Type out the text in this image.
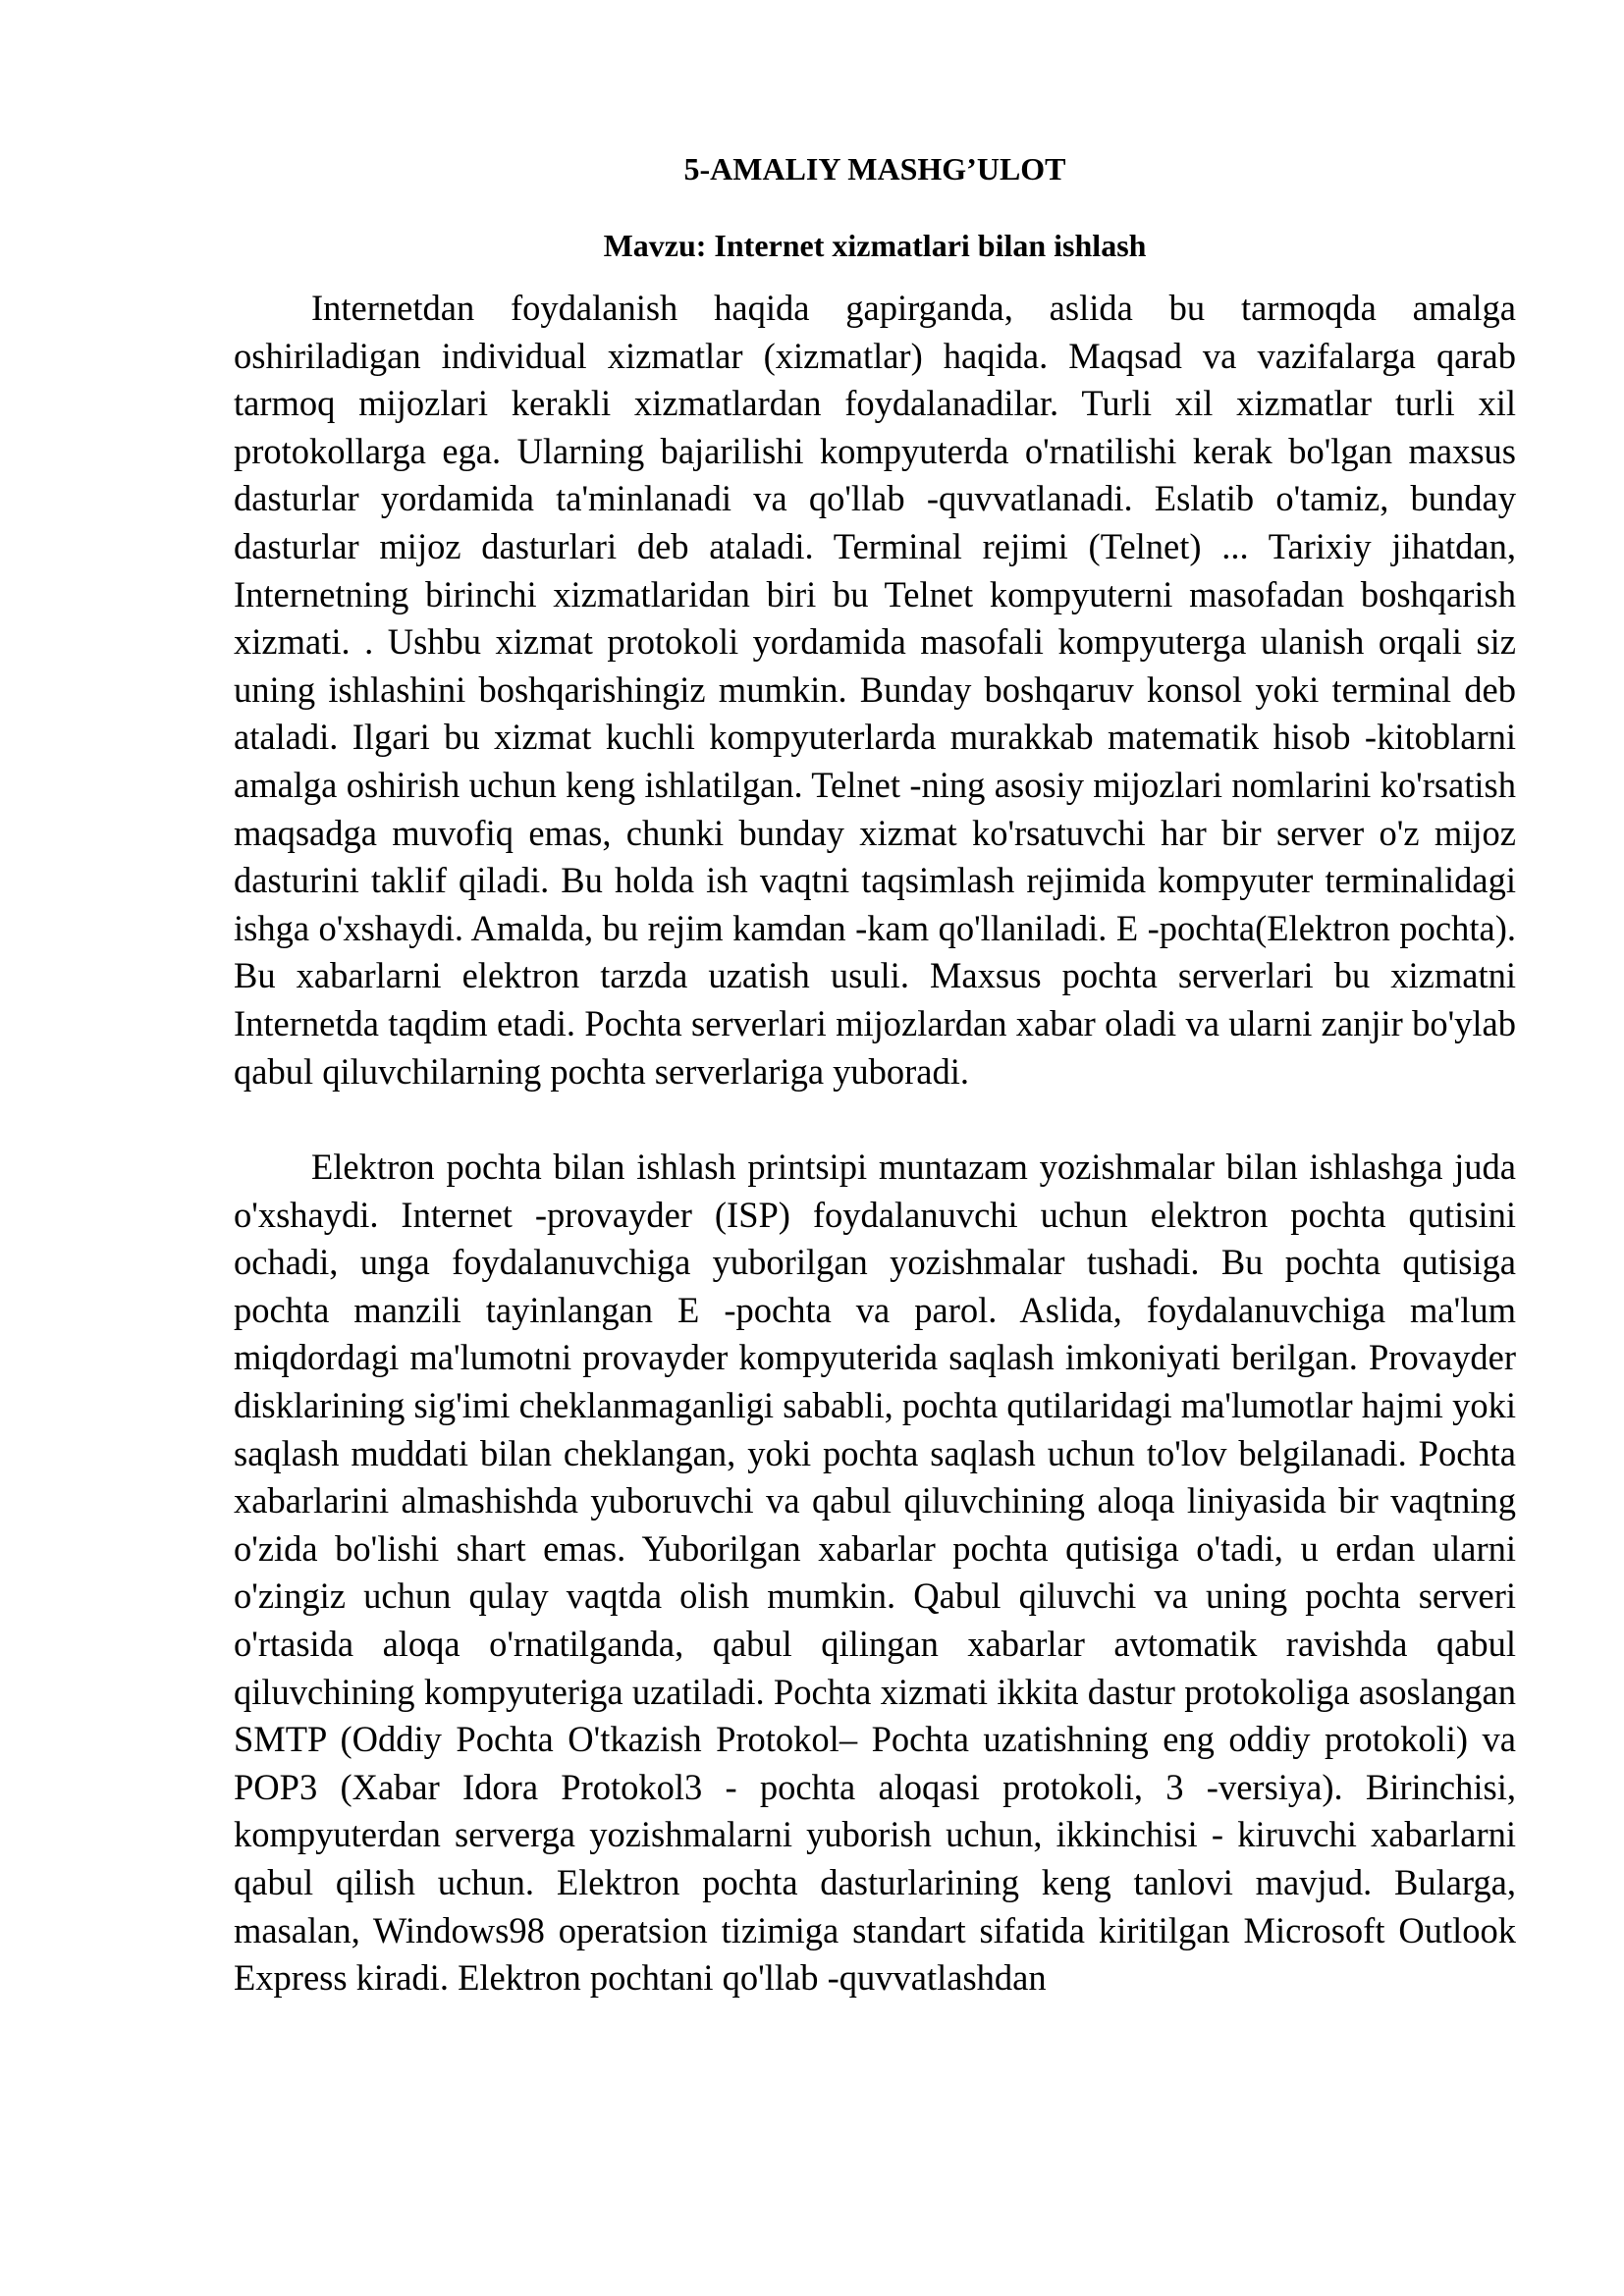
5-AMALIY MASHG’ULOT
Mavzu: Internet xizmatlari bilan ishlash

Internetdan foydalanish haqida gapirganda, aslida bu tarmoqda amalga oshiriladigan individual xizmatlar (xizmatlar) haqida. Maqsad va vazifalarga qarab tarmoq mijozlari kerakli xizmatlardan foydalanadilar. Turli xil xizmatlar turli xil protokollarga ega. Ularning bajarilishi kompyuterda o'rnatilishi kerak bo'lgan maxsus dasturlar yordamida ta'minlanadi va qo'llab -quvvatlanadi. Eslatib o'tamiz, bunday dasturlar mijoz dasturlari deb ataladi. Terminal rejimi (Telnet) ... Tarixiy jihatdan, Internetning birinchi xizmatlaridan biri bu Telnet kompyuterni masofadan boshqarish xizmati. . Ushbu xizmat protokoli yordamida masofali kompyuterga ulanish orqali siz uning ishlashini boshqarishingiz mumkin. Bunday boshqaruv konsol yoki terminal deb ataladi. Ilgari bu xizmat kuchli kompyuterlarda murakkab matematik hisob -kitoblarni amalga oshirish uchun keng ishlatilgan. Telnet -ning asosiy mijozlari nomlarini ko'rsatish maqsadga muvofiq emas, chunki bunday xizmat ko'rsatuvchi har bir server o'z mijoz dasturini taklif qiladi. Bu holda ish vaqtni taqsimlash rejimida kompyuter terminalidagi ishga o'xshaydi. Amalda, bu rejim kamdan -kam qo'llaniladi. E -pochta(Elektron pochta). Bu xabarlarni elektron tarzda uzatish usuli. Maxsus pochta serverlari bu xizmatni Internetda taqdim etadi. Pochta serverlari mijozlardan xabar oladi va ularni zanjir bo'ylab qabul qiluvchilarning pochta serverlariga yuboradi.

Elektron pochta bilan ishlash printsipi muntazam yozishmalar bilan ishlashga juda o'xshaydi. Internet -provayder (ISP) foydalanuvchi uchun elektron pochta qutisini ochadi, unga foydalanuvchiga yuborilgan yozishmalar tushadi. Bu pochta qutisiga pochta manzili tayinlangan E -pochta va parol. Aslida, foydalanuvchiga ma'lum miqdordagi ma'lumotni provayder kompyuterida saqlash imkoniyati berilgan. Provayder disklarining sig'imi cheklanmaganligi sababli, pochta qutilaridagi ma'lumotlar hajmi yoki saqlash muddati bilan cheklangan, yoki pochta saqlash uchun to'lov belgilanadi. Pochta xabarlarini almashishda yuboruvchi va qabul qiluvchining aloqa liniyasida bir vaqtning o'zida bo'lishi shart emas. Yuborilgan xabarlar pochta qutisiga o'tadi, u erdan ularni o'zingiz uchun qulay vaqtda olish mumkin. Qabul qiluvchi va uning pochta serveri o'rtasida aloqa o'rnatilganda, qabul qilingan xabarlar avtomatik ravishda qabul qiluvchining kompyuteriga uzatiladi. Pochta xizmati ikkita dastur protokoliga asoslangan SMTP (Oddiy Pochta O'tkazish Protokol– Pochta uzatishning eng oddiy protokoli) va POP3 (Xabar Idora Protokol3 - pochta aloqasi protokoli, 3 -versiya). Birinchisi, kompyuterdan serverga yozishmalarni yuborish uchun, ikkinchisi - kiruvchi xabarlarni qabul qilish uchun. Elektron pochta dasturlarining keng tanlovi mavjud. Bularga, masalan, Windows98 operatsion tizimiga standart sifatida kiritilgan Microsoft Outlook Express kiradi. Elektron pochtani qo'llab -quvvatlashdan
